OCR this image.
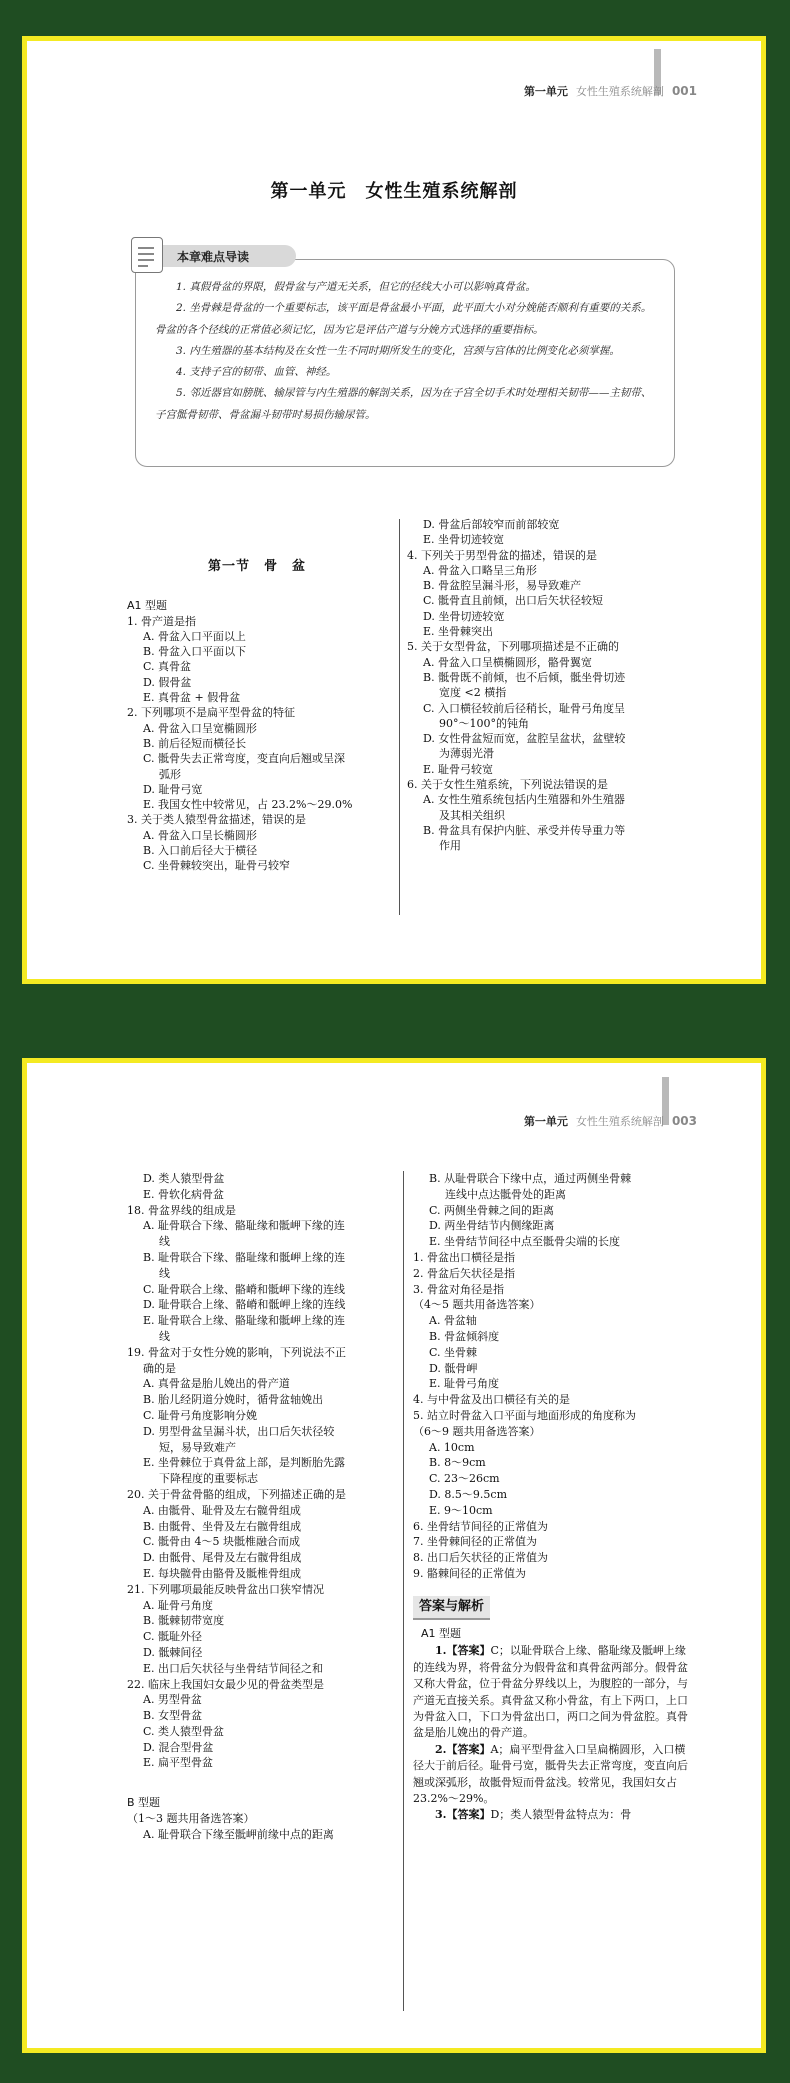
第一单元 女性生殖系统解剖 001
第一单元　女性生殖系统解剖
本章难点导读

1. 真假骨盆的界限，假骨盆与产道无关系，但它的径线大小可以影响真骨盆。

2. 坐骨棘是骨盆的一个重要标志，该平面是骨盆最小平面，此平面大小对分娩能否顺利有重要的关系。骨盆的各个径线的正常值必须记忆，因为它是评估产道与分娩方式选择的重要指标。

3. 内生殖器的基本结构及在女性一生不同时期所发生的变化，宫颈与宫体的比例变化必须掌握。

4. 支持子宫的韧带、血管、神经。

5. 邻近器官如膀胱、输尿管与内生殖器的解剖关系，因为在子宫全切手术时处理相关韧带——主韧带、子宫骶骨韧带、骨盆漏斗韧带时易损伤输尿管。

第一节　骨　盆
A1 型题
1. 骨产道是指
A. 骨盆入口平面以上
B. 骨盆入口平面以下
C. 真骨盆
D. 假骨盆
E. 真骨盆 + 假骨盆
2. 下列哪项不是扁平型骨盆的特征
A. 骨盆入口呈宽椭圆形
B. 前后径短而横径长
C. 骶骨失去正常弯度，变直向后翘或呈深
弧形
D. 耻骨弓宽
E. 我国女性中较常见，占 23.2%～29.0%
3. 关于类人猿型骨盆描述，错误的是
A. 骨盆入口呈长椭圆形
B. 入口前后径大于横径
C. 坐骨棘较突出，耻骨弓较窄
D. 骨盆后部较窄而前部较宽
E. 坐骨切迹较宽
4. 下列关于男型骨盆的描述，错误的是
A. 骨盆入口略呈三角形
B. 骨盆腔呈漏斗形，易导致难产
C. 骶骨直且前倾，出口后矢状径较短
D. 坐骨切迹较宽
E. 坐骨棘突出
5. 关于女型骨盆，下列哪项描述是不正确的
A. 骨盆入口呈横椭圆形，骼骨翼宽
B. 骶骨既不前倾，也不后倾，骶坐骨切迹
宽度 <2 横指
C. 入口横径较前后径稍长，耻骨弓角度呈
90°～100°的钝角
D. 女性骨盆短而宽，盆腔呈盆状，盆壁较
为薄弱光滑
E. 耻骨弓较宽
6. 关于女性生殖系统，下列说法错误的是
A. 女性生殖系统包括内生殖器和外生殖器
及其相关组织
B. 骨盆具有保护内脏、承受并传导重力等
作用
第一单元 女性生殖系统解剖 003
D. 类人猿型骨盆
E. 骨软化病骨盆
18. 骨盆界线的组成是
A. 耻骨联合下缘、骼耻缘和骶岬下缘的连
线
B. 耻骨联合下缘、骼耻缘和骶岬上缘的连
线
C. 耻骨联合上缘、骼嵴和骶岬下缘的连线
D. 耻骨联合上缘、骼嵴和骶岬上缘的连线
E. 耻骨联合上缘、骼耻缘和骶岬上缘的连
线
19. 骨盆对于女性分娩的影响，下列说法不正
确的是
A. 真骨盆是胎儿娩出的骨产道
B. 胎儿经阴道分娩时，循骨盆轴娩出
C. 耻骨弓角度影响分娩
D. 男型骨盆呈漏斗状，出口后矢状径较
短，易导致难产
E. 坐骨棘位于真骨盆上部，是判断胎先露
下降程度的重要标志
20. 关于骨盆骨骼的组成，下列描述正确的是
A. 由骶骨、耻骨及左右髋骨组成
B. 由骶骨、坐骨及左右髋骨组成
C. 骶骨由 4～5 块骶椎融合而成
D. 由骶骨、尾骨及左右髋骨组成
E. 每块髋骨由骼骨及骶椎骨组成
21. 下列哪项最能反映骨盆出口狭窄情况
A. 耻骨弓角度
B. 骶棘韧带宽度
C. 骶耻外径
D. 骶棘间径
E. 出口后矢状径与坐骨结节间径之和
22. 临床上我国妇女最少见的骨盆类型是
A. 男型骨盆
B. 女型骨盆
C. 类人猿型骨盆
D. 混合型骨盆
E. 扁平型骨盆
B 型题
（1～3 题共用备选答案）
A. 耻骨联合下缘至骶岬前缘中点的距离
B. 从耻骨联合下缘中点，通过两侧坐骨棘
连线中点达骶骨处的距离
C. 两侧坐骨棘之间的距离
D. 两坐骨结节内侧缘距离
E. 坐骨结节间径中点至骶骨尖端的长度
1. 骨盆出口横径是指
2. 骨盆后矢状径是指
3. 骨盆对角径是指
（4～5 题共用备选答案）
A. 骨盆轴
B. 骨盆倾斜度
C. 坐骨棘
D. 骶骨岬
E. 耻骨弓角度
4. 与中骨盆及出口横径有关的是
5. 站立时骨盆入口平面与地面形成的角度称为
（6～9 题共用备选答案）
A. 10cm
B. 8～9cm
C. 23～26cm
D. 8.5～9.5cm
E. 9～10cm
6. 坐骨结节间径的正常值为
7. 坐骨棘间径的正常值为
8. 出口后矢状径的正常值为
9. 骼棘间径的正常值为
答案与解析
A1 型题

1.【答案】C；以耻骨联合上缘、骼耻缘及骶岬上缘的连线为界，将骨盆分为假骨盆和真骨盆两部分。假骨盆又称大骨盆，位于骨盆分界线以上，为腹腔的一部分，与产道无直接关系。真骨盆又称小骨盆，有上下两口，上口为骨盆入口，下口为骨盆出口，两口之间为骨盆腔。真骨盆是胎儿娩出的骨产道。

2.【答案】A；扁平型骨盆入口呈扁椭圆形，入口横径大于前后径。耻骨弓宽，骶骨失去正常弯度，变直向后翘或深弧形，故骶骨短而骨盆浅。较常见，我国妇女占 23.2%～29%。

3.【答案】D；类人猿型骨盆特点为：骨
